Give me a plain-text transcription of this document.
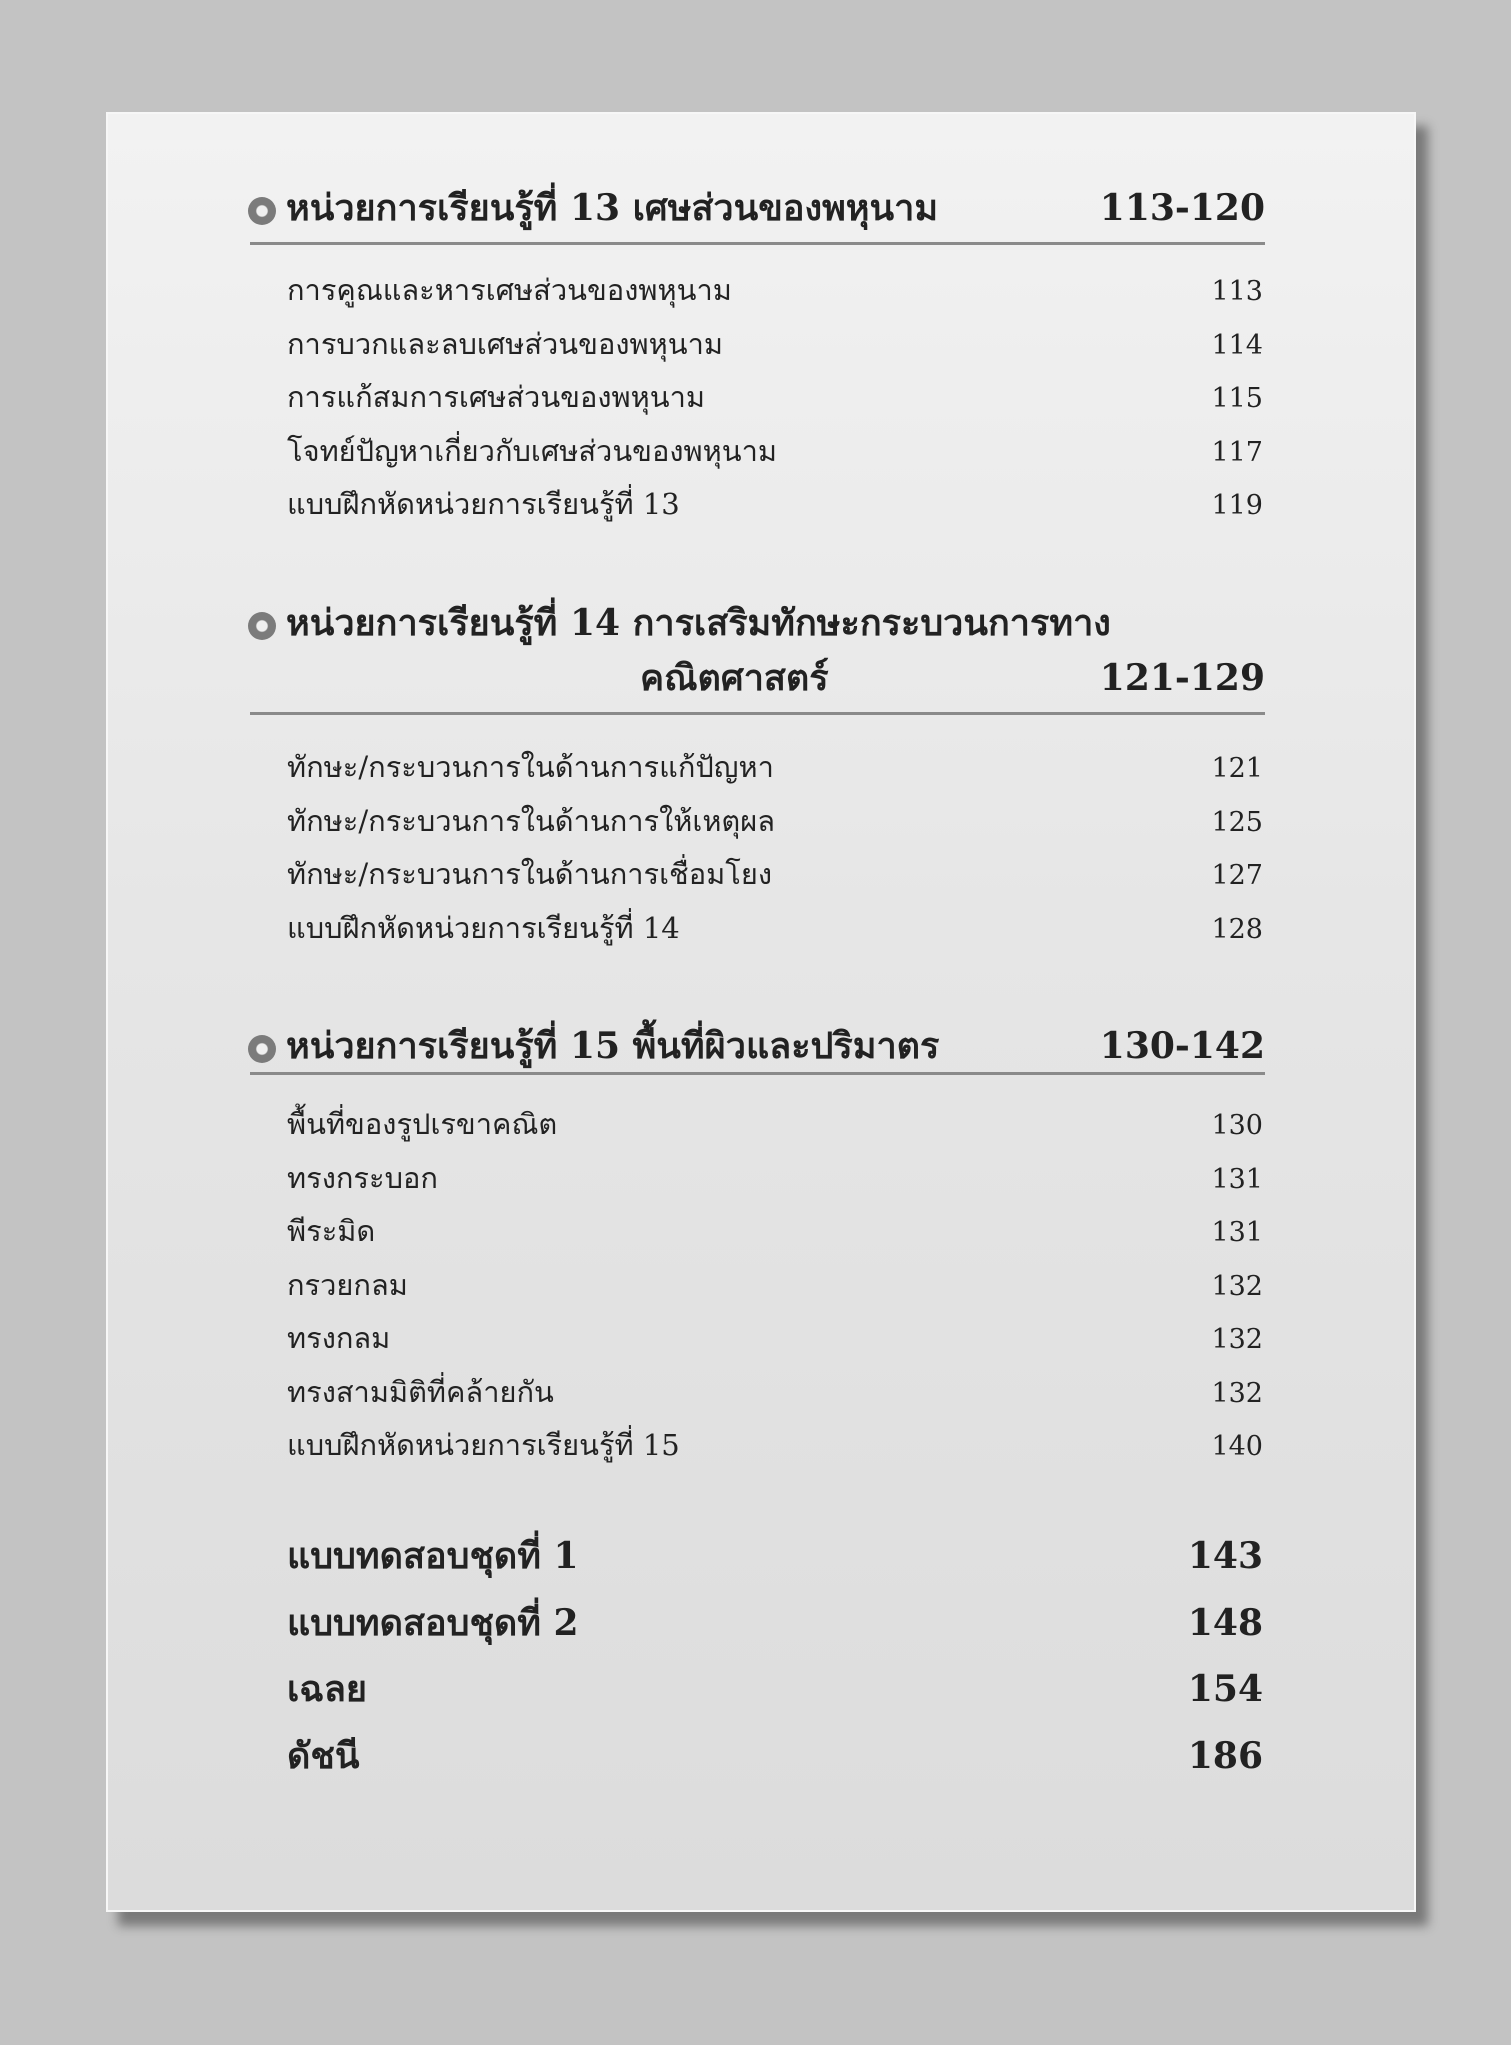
หน่วยการเรียนรู้ที่ 13 เศษส่วนของพหุนาม	113-120
การคูณและหารเศษส่วนของพหุนาม	113
การบวกและลบเศษส่วนของพหุนาม	114
การแก้สมการเศษส่วนของพหุนาม	115
โจทย์ปัญหาเกี่ยวกับเศษส่วนของพหุนาม	117
แบบฝึกหัดหน่วยการเรียนรู้ที่ 13	119
หน่วยการเรียนรู้ที่ 14 การเสริมทักษะกระบวนการทาง
คณิตศาสตร์	121-129
ทักษะ/กระบวนการในด้านการแก้ปัญหา	121
ทักษะ/กระบวนการในด้านการให้เหตุผล	125
ทักษะ/กระบวนการในด้านการเชื่อมโยง	127
แบบฝึกหัดหน่วยการเรียนรู้ที่ 14	128
หน่วยการเรียนรู้ที่ 15 พื้นที่ผิวและปริมาตร	130-142
พื้นที่ของรูปเรขาคณิต	130
ทรงกระบอก	131
พีระมิด	131
กรวยกลม	132
ทรงกลม	132
ทรงสามมิติที่คล้ายกัน	132
แบบฝึกหัดหน่วยการเรียนรู้ที่ 15	140
แบบทดสอบชุดที่ 1	143
แบบทดสอบชุดที่ 2	148
เฉลย	154
ดัชนี	186
